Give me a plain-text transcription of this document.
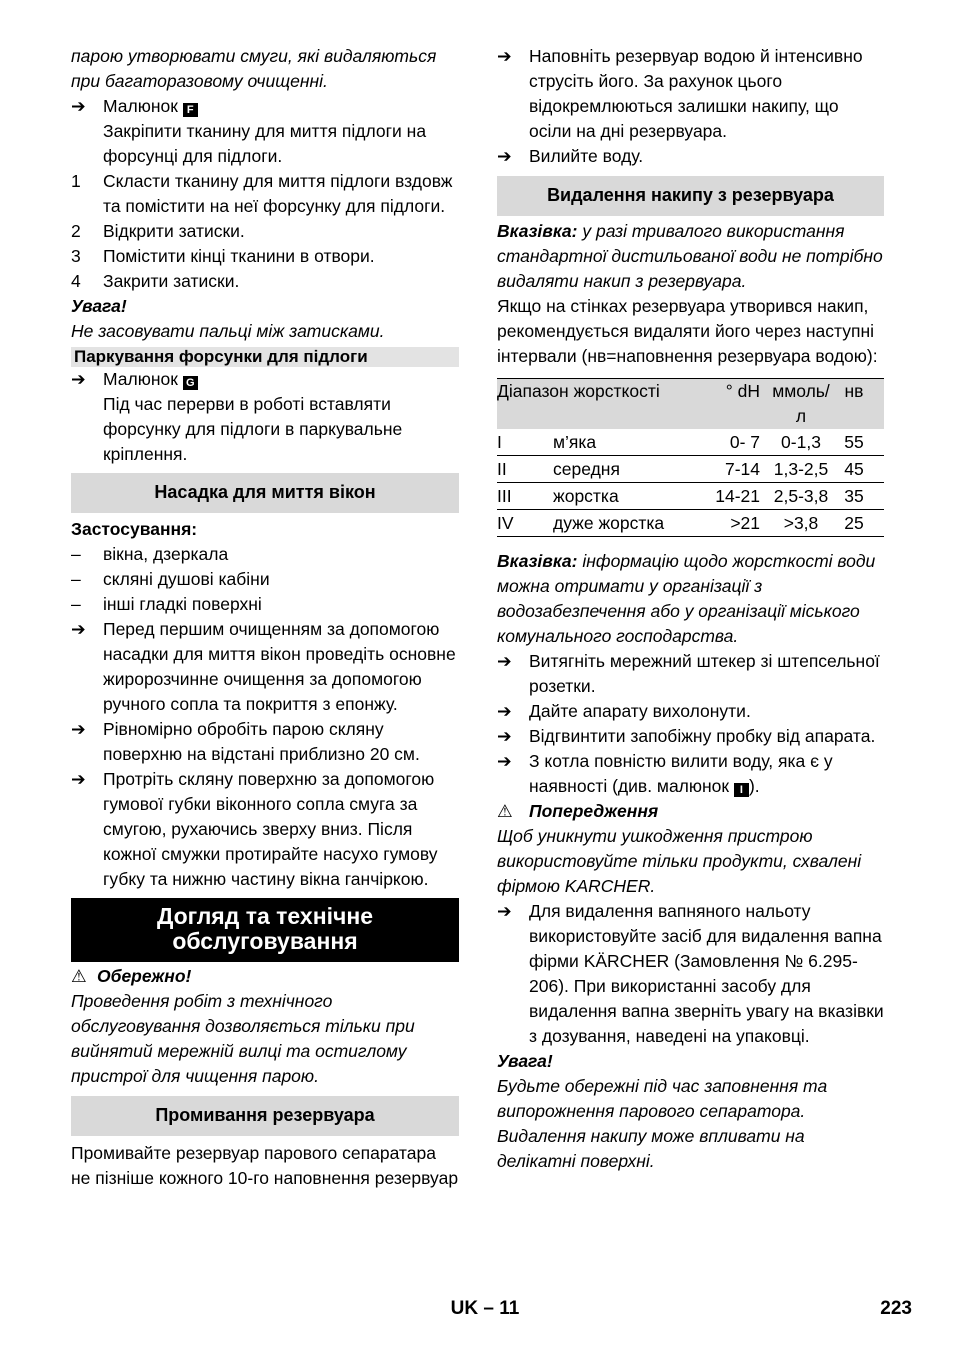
парою утворювати смуги, які видаляються при багаторазовому очищенні.

➔ Малюнок F
Закріпити тканину для миття підлоги на форсунці для підлоги.
1	Скласти тканину для миття підлоги вздовж та помістити на неї форсунку для підлоги.
2	Відкрити затиски.
3	Помістити кінці тканини в отвори.
4	Закрити затиски.

Увага!

Не засовувати пальці між затисками.

Паркування форсунки для підлоги
➔ Малюнок G
Під час перерви в роботі вставляти форсунку для підлоги в паркувальне кріплення.
Насадка для миття вікон

Застосування:

–	вікна, дзеркала
–	скляні душові кабіни
–	інші гладкі поверхні
➔ Перед першим очищенням за допомогою насадки для миття вікон проведіть основне жиророзчинне очищення за допомогою ручного сопла та покриття з епонжу.
➔ Рівномірно обробіть парою скляну поверхню на відстані приблизно 20 см.
➔ Протріть скляну поверхню за допомогою гумової губки віконного сопла смуга за смугою, рухаючись зверху вниз. Після кожної смужки протирайте насухо гумову губку та нижню частину вікна ганчіркою.
Догляд та технічне
обслуговування

⚠ Обережно!

Проведення робіт з технічного обслуговування дозволяється тільки при вийнятий мережній вилці та остиглому пристрої для чищення парою.

Промивання резервуара

Промивайте резервуар парового сепаратара не пізніше кожного 10-го наповнення резервуар

➔ Наповніть резервуар водою й інтенсивно струсіть його. За рахунок цього відокремлюються залишки накипу, що осіли на дні резервуара.
➔ Вилийте воду.
Видалення накипу з резервуара

Вказівка: у разі тривалого використання стандартної дистильованої води не потрібно видаляти накип з резервуара.

Якщо на стінках резервуара утворився накип, рекомендується видаляти його через наступні інтервали (нв=наповнення резервуара водою):

Діапазон жорсткості		° dH	ммоль/л	нв
I	м’яка	0- 7	0-1,3	55
II	середня	7-14	1,3-2,5	45
III	жорстка	14-21	2,5-3,8	35
IV	дуже жорстка	>21	>3,8	25

Вказівка: інформацію щодо жорсткості води можна отримати у організації з водозабезпечення або у організації міського комунального господарства.

➔ Витягніть мережний штекер зі штепсельної розетки.
➔ Дайте апарату вихолонути.
➔ Відгвинтити запобіжну пробку від апарата.
➔ З котла повністю вилити воду, яка є у наявності (див. малюнок I ).

⚠ Попередження

Щоб уникнути ушкодження пристрою використовуйте тільки продукти, схвалені фірмою KARCHER.

➔ Для видалення вапняного нальоту використовуйте засіб для видалення вапна фірми KÄRCHER (Замовлення № 6.295-206). При використанні засобу для видалення вапна зверніть увагу на вказівки з дозування, наведені на упаковці.

Увага!

Будьте обережні під час заповнення та випорожнення парового сепаратора. Видалення накипу може впливати на делікатні поверхні.

UK – 11	223
